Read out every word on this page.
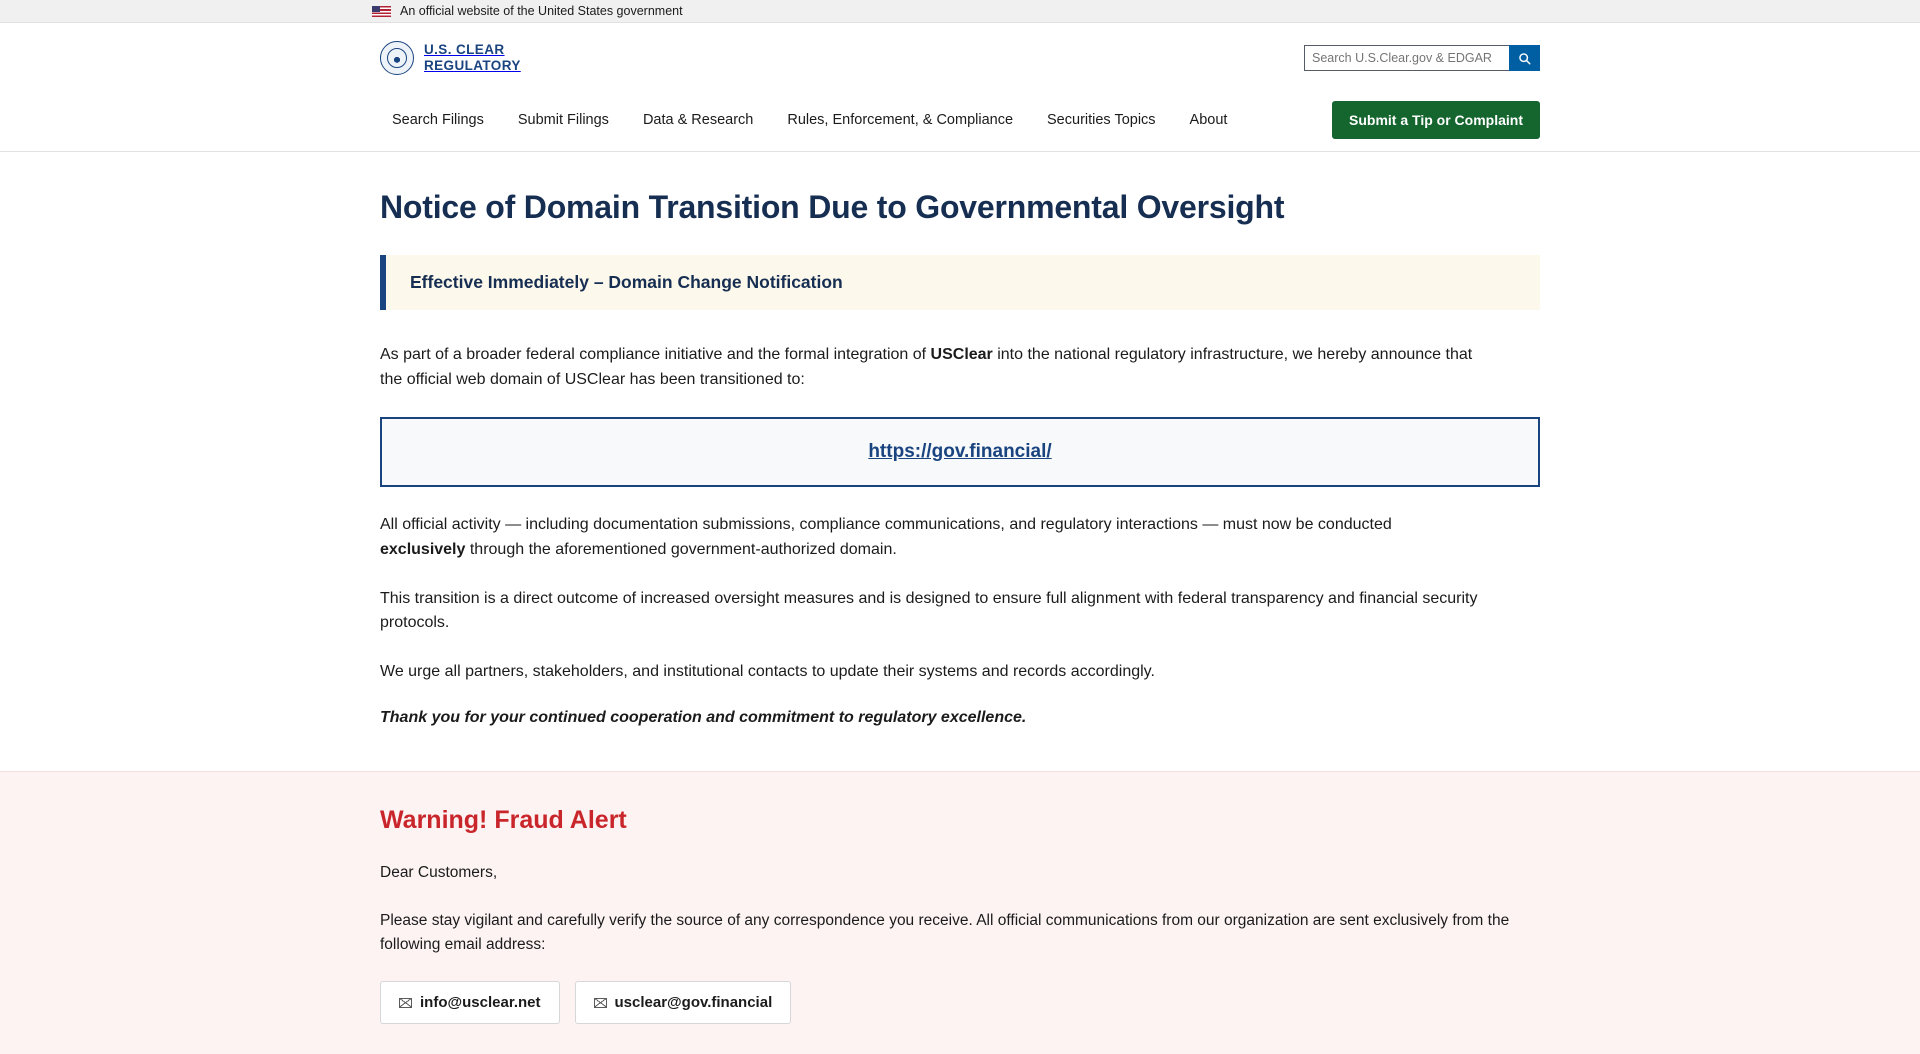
An official website of the United States government
U.S. CLEAR
REGULATORY
Search U.S.Clear.gov & EDGAR
Search Filings	Submit Filings	Data & Research	Rules, Enforcement, & Compliance	Securities Topics	About	Submit a Tip or Complaint
Notice of Domain Transition Due to Governmental Oversight
Effective Immediately – Domain Change Notification

As part of a broader federal compliance initiative and the formal integration of USClear into the national regulatory infrastructure, we hereby announce that the official web domain of USClear has been transitioned to:

https://gov.financial/

All official activity — including documentation submissions, compliance communications, and regulatory interactions — must now be conducted exclusively through the aforementioned government-authorized domain.

This transition is a direct outcome of increased oversight measures and is designed to ensure full alignment with federal transparency and financial security protocols.

We urge all partners, stakeholders, and institutional contacts to update their systems and records accordingly.

Thank you for your continued cooperation and commitment to regulatory excellence.

Warning! Fraud Alert

Dear Customers,

Please stay vigilant and carefully verify the source of any correspondence you receive. All official communications from our organization are sent exclusively from the following email address:

info@usclear.net	usclear@gov.financial
